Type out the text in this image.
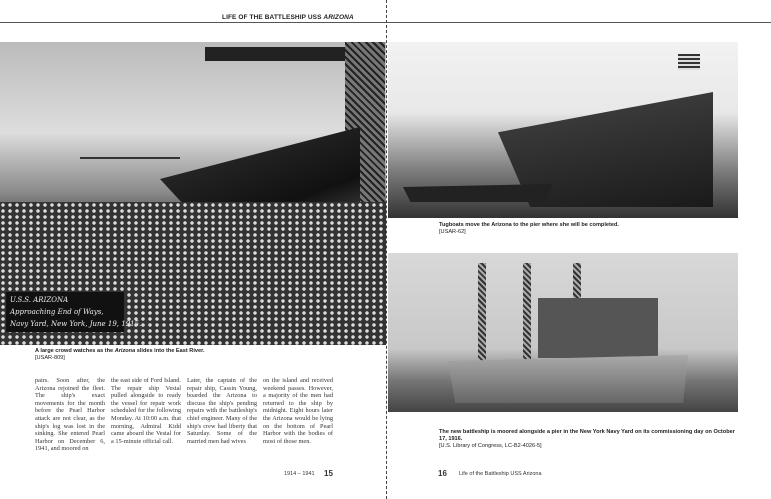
LIFE OF THE BATTLESHIP USS ARIZONA
U.S.S. ARIZONA
Approaching End of Ways,
Navy Yard, New York, June 19, 1915.
A large crowd watches as the Arizona slides into the East River.
[USAR-809]
pairs. Soon after, the Arizona rejoined the fleet. The ship's exact movements for the month before the Pearl Harbor attack are not clear, as the ship's log was lost in the sinking. She entered Pearl Harbor on December 6, 1941, and moored on
the east side of Ford Island. The repair ship Vestal pulled alongside to ready the vessel for repair work scheduled for the following Monday. At 10:00 a.m. that morning, Admiral Kidd came aboard the Vestal for a 15-minute official call.
Later, the captain of the repair ship, Cassin Young, boarded the Arizona to discuss the ship's pending repairs with the battleship's chief engineer. Many of the ship's crew had liberty that Saturday. Some of the married men had wives
on the island and received weekend passes. However, a majority of the men had returned to the ship by midnight. Eight hours later the Arizona would be lying on the bottom of Pearl Harbor with the bodies of most of those men.
1914 – 1941 15
Tugboats move the Arizona to the pier where she will be completed.
[USAR-62]
The new battleship is moored alongside a pier in the New York Navy Yard on its commissioning day on October 17, 1916.
[U.S. Library of Congress, LC-B2-4026-5]
16 Life of the Battleship USS Arizona
